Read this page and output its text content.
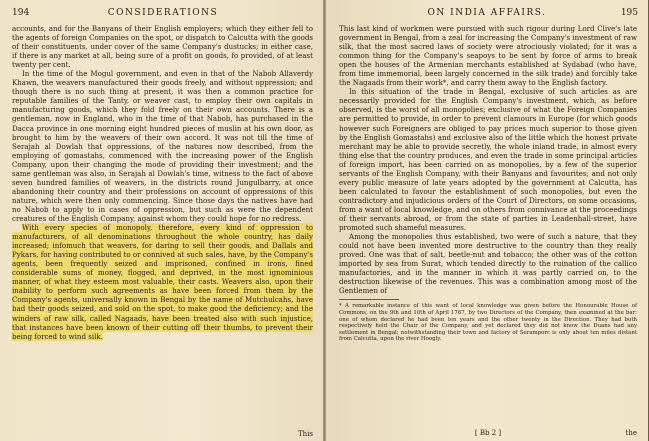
194	CONSIDERATIONS

accounts, and for the Banyans of their English employers; which they either fell to the agents of foreign Companies on the spot, or dispatch to Calcutta with the goods of their constituents, under cover of the same Company's dustucks; in either case, if there is any market at all, being sure of a profit on goods, fo provided, of at least twenty per cent.

In the time of the Mogul government, and even in that of the Nabob Allaverdy Khawn, the weavers manufactured their goods freely, and without oppression; and though there is no such thing at present, it was then a common practice for reputable families of the Tanty, or weaver cast, to employ their own capitals in manufacturing goods, which they fold freely on their own accounts. There is a gentleman, now in England, who in the time of that Nabob, has purchased in the Dacca province in one morning eight hundred pieces of muslin at his own door, as brought to him by the weavers of their own accord. It was not till the time of Serajah al Dowlah that oppressions, of the natures now described, from the employing of gomastahs, commenced with the increasing power of the English Company, upon their changing the mode of providing their investment; and the same gentleman was also, in Serajah al Dowlah's time, witness to the fact of above seven hundred families of weavers, in the districts round Jungulbarry, at once abandoning their country and their professions on account of oppressions of this nature, which were then only commencing. Since those days the natives have had no Nabob to apply to in cases of oppression, but such as were the dependent creatures of the English Company, against whom they could hope for no redress.

With every species of monopoly, therefore, every kind of oppression to manufacturers, of all denominations throughout the whole country, has daily increased; infomuch that weavers, for daring to sell their goods, and Dallals and Pykars, for having contributed to or connived at such sales, have, by the Company's agents, been frequently seized and imprisoned, confined in irons, fined considerable sums of money, flogged, and deprived, in the most ignominious manner, of what they esteem most valuable, their casts. Weavers also, upon their inability to perform such agreements as have been forced from them by the Company's agents, universally known in Bengal by the name of Mutchulcahs, have had their goods seized, and sold on the spot, to make good the deficiency; and the winders of raw silk, called Nagaads, have been treated also with such injustice, that instances have been known of their cutting off their thumbs, to prevent their being forced to wind silk.

This
ON INDIA AFFAIRS.	195

This last kind of workmen were pursued with such rigour during Lord Clive's late government in Bengal, from a zeal for increasing the Company's investment of raw silk, that the most sacred laws of society were atrociously violated; for it was a common thing for the Company's seapoys to be sent by force of arms to break open the houses of the Armenian merchants established at Sydabad (who have, from time immemorial, been largely concerned in the silk trade) and forcibly take the Nagaads from their work*, and carry them away to the English factory.

In this situation of the trade in Bengal, exclusive of such articles as are necessarily provided for the English Company's investment, which, as before observed, is the worst of all monopolies; exclusive of what the Foreign Companies are permitted to provide, in order to prevent clamours in Europe (for which goods however such Foreigners are obliged to pay prices much superior to those given by the English Gomastahs) and exclusive also of the little which the honest private merchant may be able to provide secretly, the whole inland trade, in almost every thing else that the country produces, and even the trade in some principal articles of foreign import, has been carried on as monopolies, by a few of the superior servants of the English Company, with their Banyans and favourites; and not only every public measure of late years adopted by the government at Calcutta, has been calculated to favour the establishment of such monopolies, but even the contradictory and injudicious orders of the Court of Directors, on some occasions, from a want of local knowledge, and on others from connivance at the proceedings of their servants abroad, or from the state of parties in Leadenhall-street, have promoted such shameful measures.

Among the monopolies thus established, two were of such a nature, that they could not have been invented more destructive to the country than they really proved. One was that of salt, beetle-nut and tobacco; the other was of the cotton imported by sea from Surat, which tended directly to the ruination of the callico manufactories, and in the manner in which it was partly carried on, to the destruction likewise of the revenues. This was a combination among most of the Gentlemen of

* A remarkable instance of this want of local knowledge was given before the Honourable House of Commons, on the 9th and 10th of April 1767, by two Directors of the Company, then examined at the bar: one of whom declared he had been ten years and the other twenty in the Direction. They had both respectively held the Chair of the Company, and yet declared they did not know the Duans had any settlement in Bengal; notwithstanding their town and factory of Seramporc is only about ten miles distant from Calcutta, upon the river Hoogly.
[ Bb 2 ]	the
